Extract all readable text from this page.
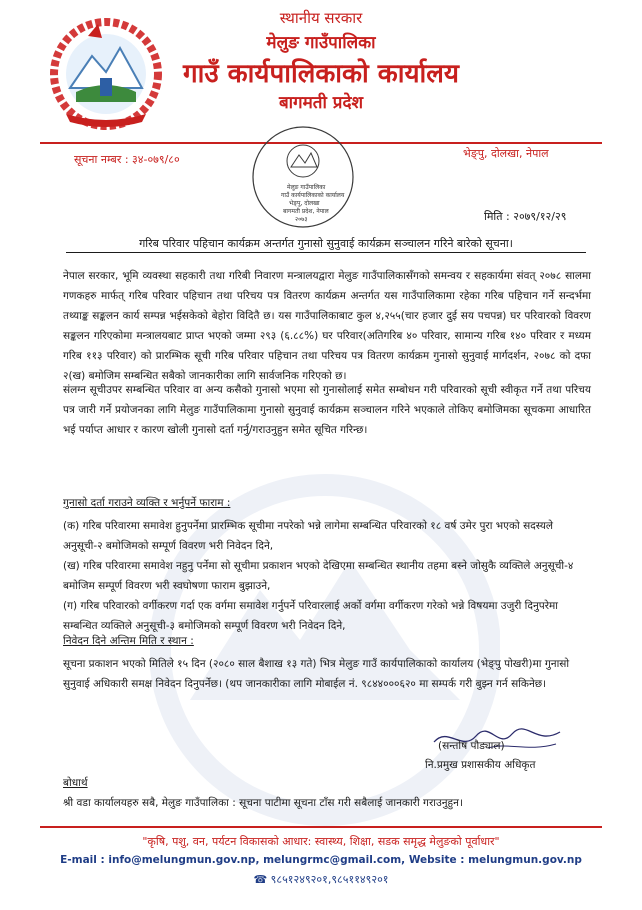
स्थानीय सरकार
मेलुङ गाउँपालिका
गाउँ कार्यपालिकाको कार्यालय
बागमती प्रदेश
सूचना नम्बर : ३४-०७९/८०	भेङ्पु, दोलखा, नेपाल
मेलुङ गाउँपालिका
गाउँ कार्यपालिकाको कार्यालय
भेङ्पु, दोलखा
बागमती प्रदेश, नेपाल
२०७३	मिति : २०७९/१२/२९
गरिब परिवार पहिचान कार्यक्रम अन्तर्गत गुनासो सुनुवाई कार्यक्रम सञ्चालन गरिने बारेको सूचना।
नेपाल सरकार, भूमि व्यवस्था सहकारी तथा गरिबी निवारण मन्त्रालयद्वारा मेलुङ गाउँपालिकासँगको समन्वय र सहकार्यमा संवत् २०७८ सालमा गणकहरु मार्फत् गरिब परिवार पहिचान तथा परिचय पत्र वितरण कार्यक्रम अन्तर्गत यस गाउँपालिकामा रहेका गरिब पहिचान गर्ने सन्दर्भमा तथ्याङ्क सङ्कलन कार्य सम्पन्न भईसकेको बेहोरा विदितै छ। यस गाउँपालिकाबाट कुल ४,२५५(चार हजार दुई सय पचपन्न) घर परिवारको विवरण सङ्कलन गरिएकोमा मन्त्रालयबाट प्राप्त भएको जम्मा २९३ (६.८८%) घर परिवार(अतिगरिब ४० परिवार, सामान्य गरिब १४० परिवार र मध्यम गरिब ११३ परिवार) को प्रारम्भिक सूची गरिब परिवार पहिचान तथा परिचय पत्र वितरण कार्यक्रम गुनासो सुनुवाई मार्गदर्शन, २०७८ को दफा २(ख) बमोजिम सम्बन्धित सबैको जानकारीका लागि सार्वजनिक गरिएको छ।
संलग्न सूचीउपर सम्बन्धित परिवार वा अन्य कसैको गुनासो भएमा सो गुनासोलाई समेत सम्बोधन गरी परिवारको सूची स्वीकृत गर्ने तथा परिचय पत्र जारी गर्ने प्रयोजनका लागि मेलुङ गाउँपालिकामा गुनासो सुनुवाई कार्यक्रम सञ्चालन गरिने भएकाले तोकिए बमोजिमका सूचकमा आधारित भई पर्याप्त आधार र कारण खोली गुनासो दर्ता गर्नु/गराउनुहुन समेत सूचित गरिन्छ।
गुनासो दर्ता गराउने व्यक्ति र भर्नुपर्ने फाराम :
(क) गरिब परिवारमा समावेश हुनुपर्नेमा प्रारम्भिक सूचीमा नपरेको भन्ने लागेमा सम्बन्धित परिवारको १८ वर्ष उमेर पुरा भएको सदस्यले अनुसूची-२ बमोजिमको सम्पूर्ण विवरण भरी निवेदन दिने,
(ख) गरिब परिवारमा समावेश नहुनु पर्नेमा सो सूचीमा प्रकाशन भएको देखिएमा सम्बन्धित स्थानीय तहमा बस्ने जोसुकै व्यक्तिले अनुसूची-४ बमोजिम सम्पूर्ण विवरण भरी स्वघोषणा फाराम बुझाउने,
(ग) गरिब परिवारको वर्गीकरण गर्दा एक वर्गमा समावेश गर्नुपर्ने परिवारलाई अर्को वर्गमा वर्गीकरण गरेको भन्ने विषयमा उजुरी दिनुपरेमा सम्बन्धित व्यक्तिले अनुसूची-३ बमोजिमको सम्पूर्ण विवरण भरी निवेदन दिने,
निवेदन दिने अन्तिम मिति र स्थान :
सूचना प्रकाशन भएको मितिले १५ दिन (२०८० साल बैशाख १३ गते) भित्र मेलुङ गाउँ कार्यपालिकाको कार्यालय (भेङ्पु पोखरी)मा गुनासो सुनुवाई अधिकारी समक्ष निवेदन दिनुपर्नेछ। (थप जानकारीका लागि मोबाईल नं. ९८४४०००६२० मा सम्पर्क गरी बुझ्न गर्न सकिनेछ।
(सन्तोष पौड्याल)
नि.प्रमुख प्रशासकीय अधिकृत
बोधार्थ
श्री वडा कार्यालयहरु सबै, मेलुङ गाउँपालिका : सूचना पाटीमा सूचना टाँस गरी सबैलाई जानकारी गराउनुहुन।
"कृषि, पशु, वन, पर्यटन विकासको आधार: स्वास्थ्य, शिक्षा, सडक समृद्ध मेलुङको पूर्वाधार"
E-mail : info@melungmun.gov.np, melungrmc@gmail.com, Website : melungmun.gov.np
☎ ९८५१२४९२०१,९८५११४९२०१
